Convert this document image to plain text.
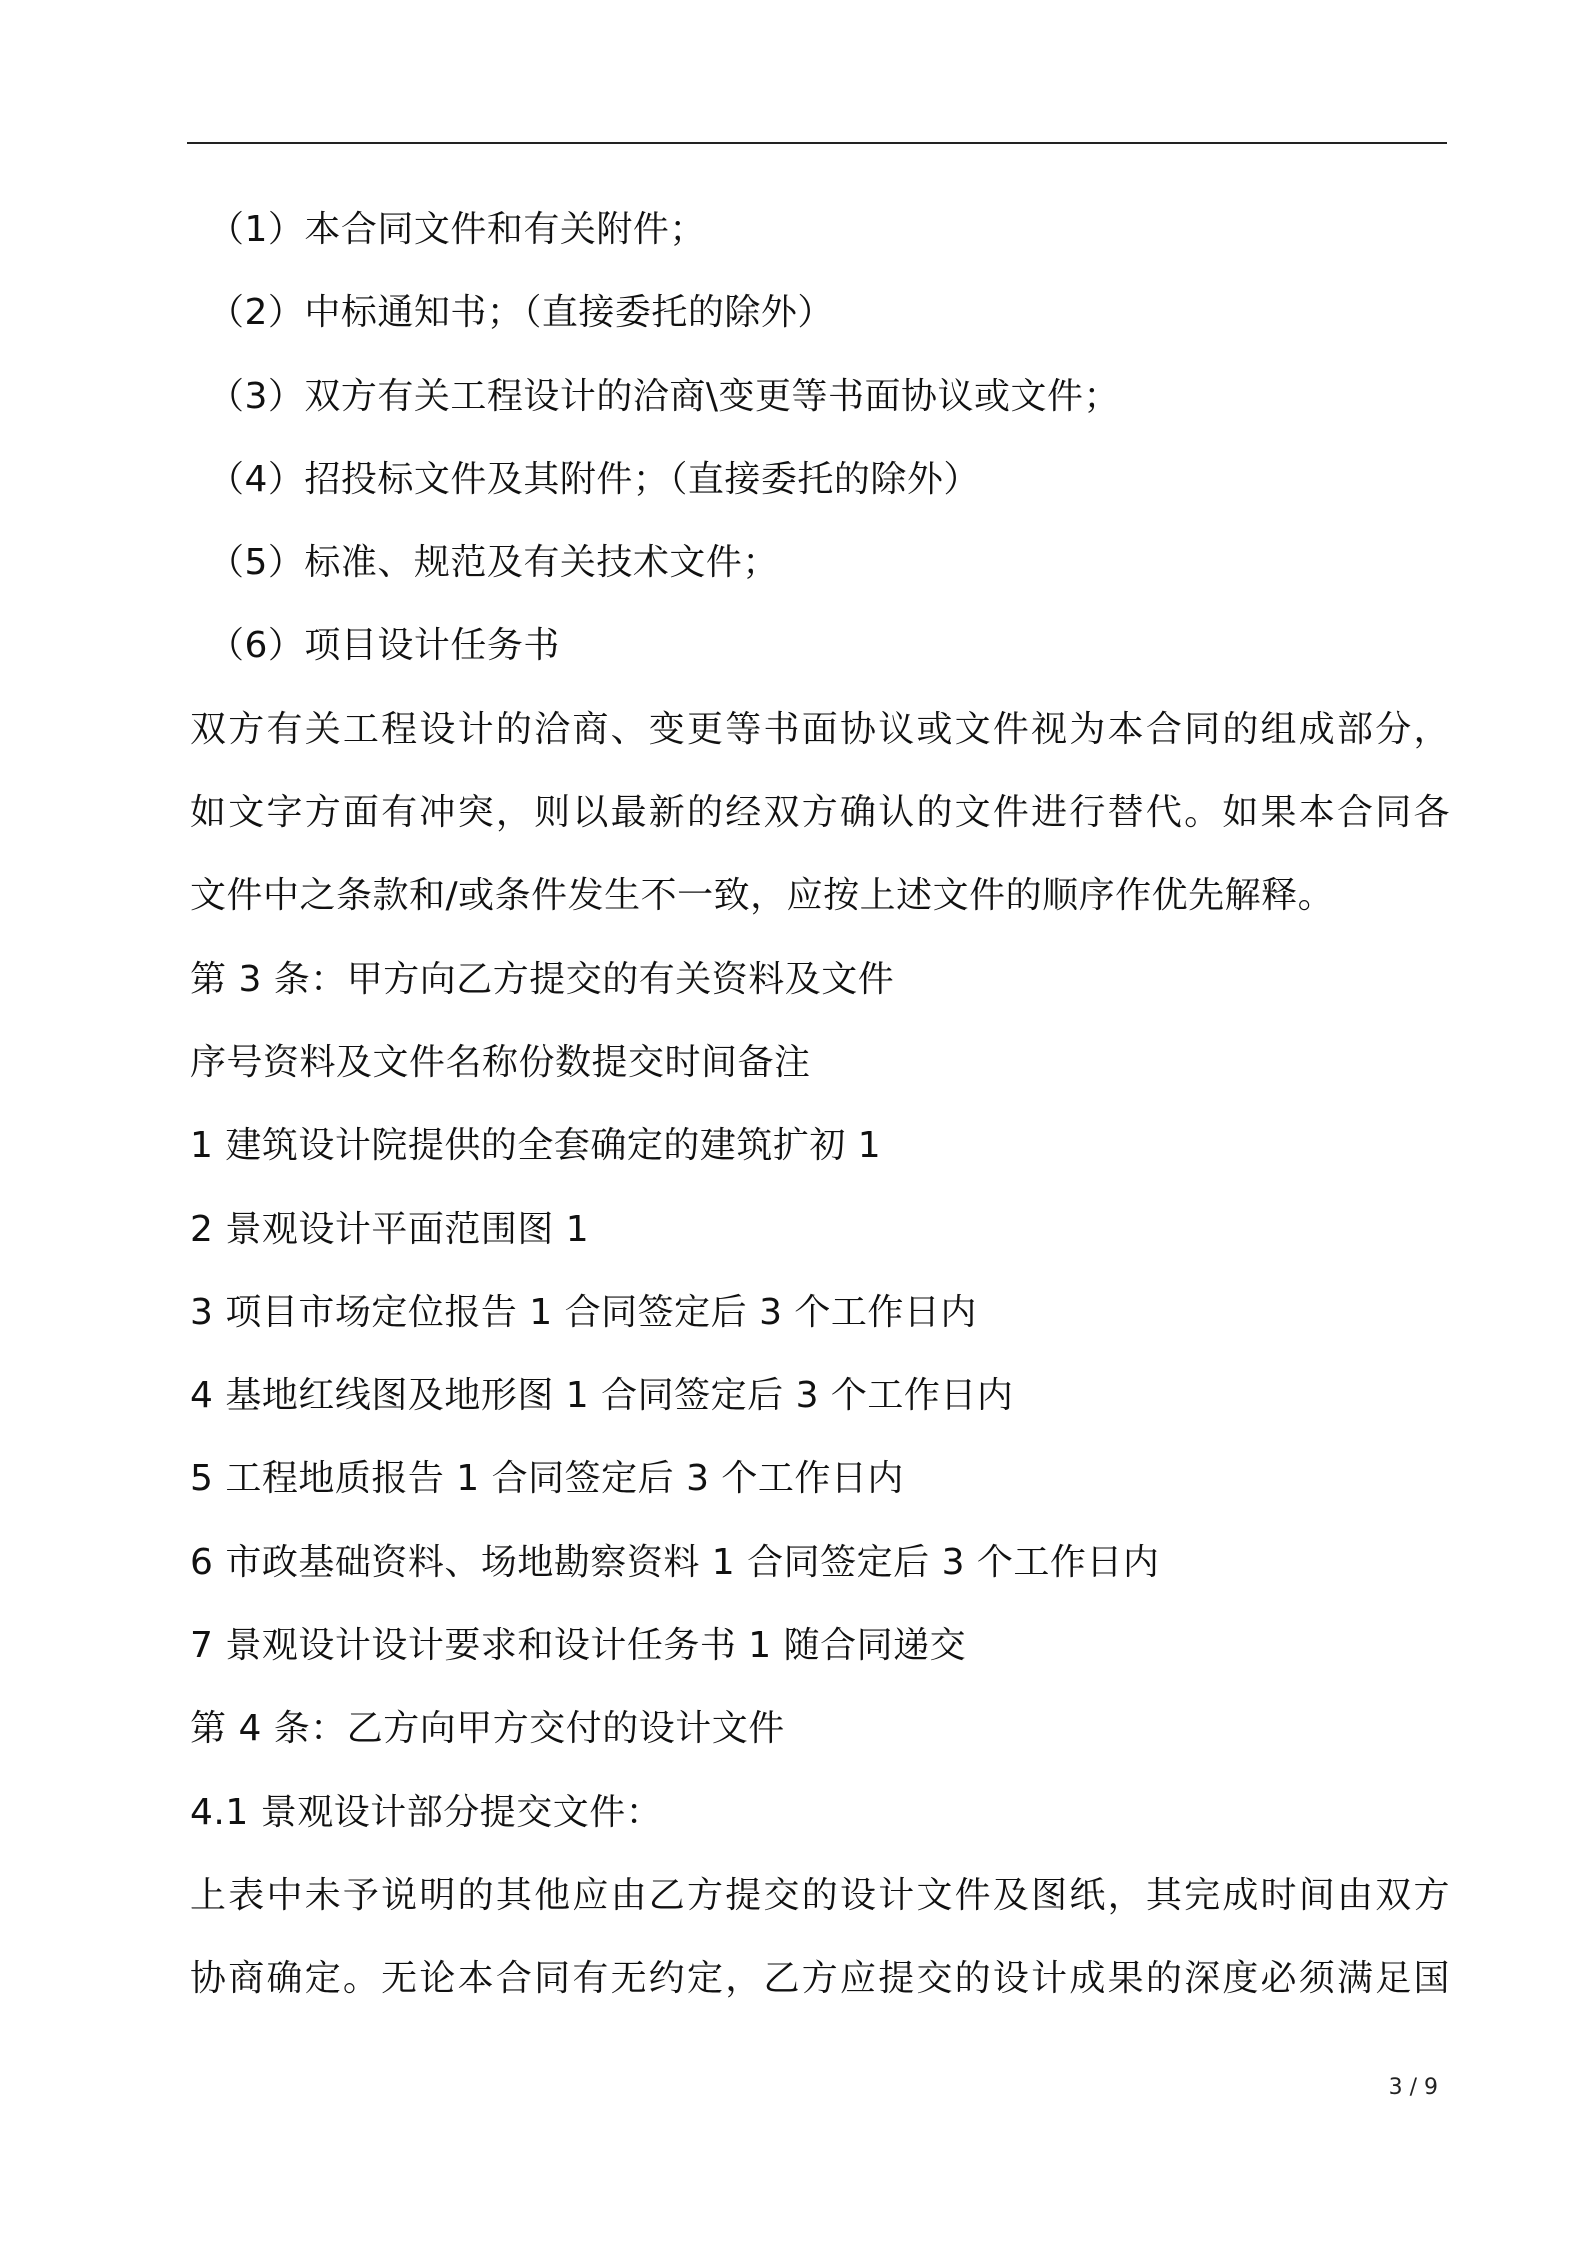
（1）本合同文件和有关附件；
（2）中标通知书；（直接委托的除外）
（3）双方有关工程设计的洽商\变更等书面协议或文件；
（4）招投标文件及其附件；（直接委托的除外）
（5）标准、规范及有关技术文件；
（6）项目设计任务书
双方有关工程设计的洽商、变更等书面协议或文件视为本合同的组成部分，
如文字方面有冲突，则以最新的经双方确认的文件进行替代。如果本合同各
文件中之条款和/或条件发生不一致，应按上述文件的顺序作优先解释。
第 3 条：甲方向乙方提交的有关资料及文件
序号资料及文件名称份数提交时间备注
1 建筑设计院提供的全套确定的建筑扩初 1
2 景观设计平面范围图 1
3 项目市场定位报告 1 合同签定后 3 个工作日内
4 基地红线图及地形图 1 合同签定后 3 个工作日内
5 工程地质报告 1 合同签定后 3 个工作日内
6 市政基础资料、场地勘察资料 1 合同签定后 3 个工作日内
7 景观设计设计要求和设计任务书 1 随合同递交
第 4 条：乙方向甲方交付的设计文件
4.1 景观设计部分提交文件：
上表中未予说明的其他应由乙方提交的设计文件及图纸，其完成时间由双方
协商确定。无论本合同有无约定，乙方应提交的设计成果的深度必须满足国
3 / 9
